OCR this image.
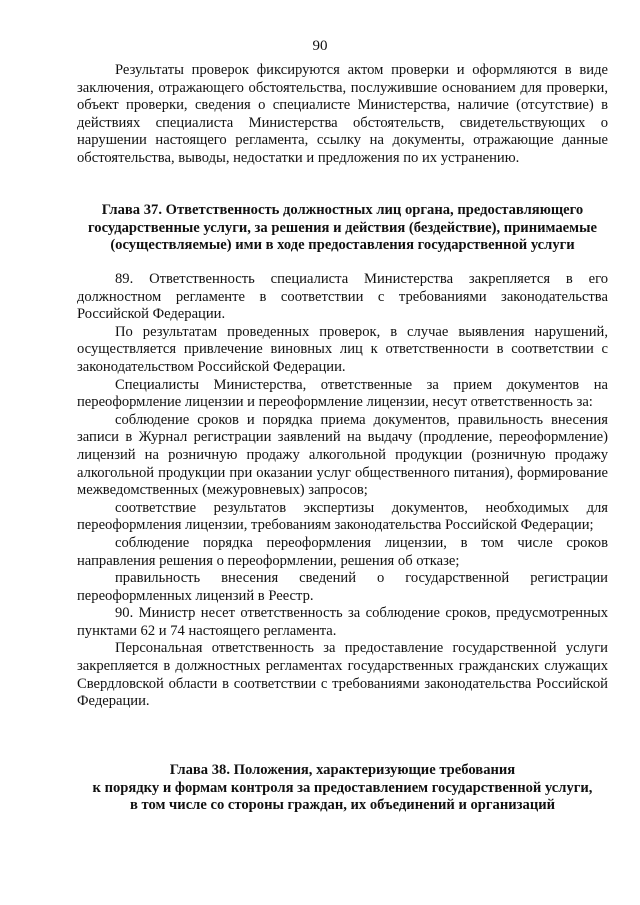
90

Результаты проверок фиксируются актом проверки и оформляются в виде заключения, отражающего обстоятельства, послужившие основанием для проверки, объект проверки, сведения о специалисте Министерства, наличие (отсутствие) в действиях специалиста Министерства обстоятельств, свидетельствующих о нарушении настоящего регламента, ссылку на документы, отражающие данные обстоятельства, выводы, недостатки и предложения по их устранению.

Глава 37. Ответственность должностных лиц органа, предоставляющего
государственные услуги, за решения и действия (бездействие), принимаемые
(осуществляемые) ими в ходе предоставления государственной услуги

89. Ответственность специалиста Министерства закрепляется в его должностном регламенте в соответствии с требованиями законодательства Российской Федерации.

По результатам проведенных проверок, в случае выявления нарушений, осуществляется привлечение виновных лиц к ответственности в соответствии с законодательством Российской Федерации.

Специалисты Министерства, ответственные за прием документов на переоформление лицензии и переоформление лицензии, несут ответственность за:

соблюдение сроков и порядка приема документов, правильность внесения записи в Журнал регистрации заявлений на выдачу (продление, переоформление) лицензий на розничную продажу алкогольной продукции (розничную продажу алкогольной продукции при оказании услуг общественного питания), формирование межведомственных (межуровневых) запросов;

соответствие результатов экспертизы документов, необходимых для переоформления лицензии, требованиям законодательства Российской Федерации;

соблюдение порядка переоформления лицензии, в том числе сроков направления решения о переоформлении, решения об отказе;

правильность внесения сведений о государственной регистрации переоформленных лицензий в Реестр.

90. Министр несет ответственность за соблюдение сроков, предусмотренных пунктами 62 и 74 настоящего регламента.

Персональная ответственность за предоставление государственной услуги закрепляется в должностных регламентах государственных гражданских служащих Свердловской области в соответствии с требованиями законодательства Российской Федерации.

Глава 38. Положения, характеризующие требования
к порядку и формам контроля за предоставлением государственной услуги,
в том числе со стороны граждан, их объединений и организаций
